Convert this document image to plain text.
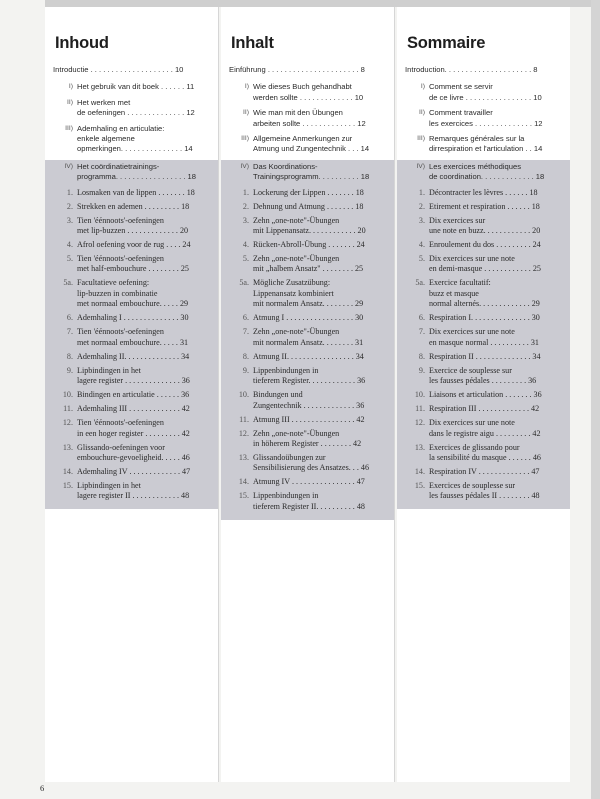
Inhoud
Introductie . . . . . . . . . . . . . . . . . . . . 10
I) Het gebruik van dit boek . . . . . . 11
II) Het werken met
de oefeningen . . . . . . . . . . . . . . 12
III) Ademhaling en articulatie:
enkele algemene
opmerkingen. . . . . . . . . . . . . . . 14
IV) Het coördinatietrainings-
programma. . . . . . . . . . . . . . . . . 18
1. Losmaken van de lippen . . . . . . . 18
2. Strekken en ademen . . . . . . . . . 18
3. Tien 'éénnoots'-oefeningen
met lip-buzzen . . . . . . . . . . . . . 20
4. Afrol oefening voor de rug . . . . 24
5. Tien 'éénnoots'-oefeningen
met half-embouchure . . . . . . . . 25
5a. Facultatieve oefening:
lip-buzzen in combinatie
met normaal embouchure. . . . . 29
6. Ademhaling I . . . . . . . . . . . . . . 30
7. Tien 'éénnoots'-oefeningen
met normaal embouchure. . . . . 31
8. Ademhaling II. . . . . . . . . . . . . . 34
9. Lipbindingen in het
lagere register . . . . . . . . . . . . . . 36
10. Bindingen en articulatie . . . . . . 36
11. Ademhaling III . . . . . . . . . . . . . 42
12. Tien 'éénnoots'-oefeningen
in een hoger register . . . . . . . . . 42
13. Glissando-oefeningen voor
embouchure-gevoeligheid. . . . . 46
14. Ademhaling IV . . . . . . . . . . . . . 47
15. Lipbindingen in het
lagere register II . . . . . . . . . . . . 48
Inhalt
Einführung . . . . . . . . . . . . . . . . . . . . . . 8
I) Wie dieses Buch gehandhabt
werden sollte . . . . . . . . . . . . . 10
II) Wie man mit den Übungen
arbeiten sollte . . . . . . . . . . . . . 12
III) Allgemeine Anmerkungen zur
Atmung und Zungentechnik . . . 14
IV) Das Koordinations-
Trainingsprogramm. . . . . . . . . . 18
1. Lockerung der Lippen . . . . . . . 18
2. Dehnung und Atmung . . . . . . . 18
3. Zehn „one-note"-Übungen
mit Lippenansatz. . . . . . . . . . . . 20
4. Rücken-Abroll-Übung . . . . . . . 24
5. Zehn „one-note"-Übungen
mit „halbem Ansatz" . . . . . . . . 25
5a. Mögliche Zusatzübung:
Lippenansatz kombiniert
mit normalem Ansatz. . . . . . . . 29
6. Atmung I . . . . . . . . . . . . . . . . . 30
7. Zehn „one-note"-Übungen
mit normalem Ansatz. . . . . . . . 31
8. Atmung II. . . . . . . . . . . . . . . . . 34
9. Lippenbindungen in
tieferem Register. . . . . . . . . . . . 36
10. Bindungen und
Zungentechnik . . . . . . . . . . . . . 36
11. Atmung III . . . . . . . . . . . . . . . . 42
12. Zehn „one-note"-Übungen
in höherem Register . . . . . . . . 42
13. Glissandoübungen zur
Sensibilisierung des Ansatzes. . . 46
14. Atmung IV . . . . . . . . . . . . . . . . 47
15. Lippenbindungen in
tieferem Register II. . . . . . . . . . 48
Sommaire
Introduction. . . . . . . . . . . . . . . . . . . . . 8
I) Comment se servir
de ce livre . . . . . . . . . . . . . . . . 10
II) Comment travailler
les exercices . . . . . . . . . . . . . . 12
III) Remarques générales sur la
dirrespiration et l'articulation . . 14
IV) Les exercices méthodiques
de coordination. . . . . . . . . . . . . 18
1. Décontracter les lèvres . . . . . . 18
2. Etirement et respiration . . . . . . 18
3. Dix exercices sur
une note en buzz. . . . . . . . . . . . 20
4. Enroulement du dos . . . . . . . . . 24
5. Dix exercices sur une note
en demi-masque . . . . . . . . . . . . 25
5a. Exercice facultatif:
buzz et masque
normal alternés. . . . . . . . . . . . . 29
6. Respiration I. . . . . . . . . . . . . . . 30
7. Dix exercices sur une note
en masque normal . . . . . . . . . . 31
8. Respiration II . . . . . . . . . . . . . . 34
9. Exercice de souplesse sur
les fausses pédales . . . . . . . . . 36
10. Liaisons et articulation . . . . . . . 36
11. Respiration III . . . . . . . . . . . . . 42
12. Dix exercices sur une note
dans le registre aigu . . . . . . . . . 42
13. Exercices de glissando pour
la sensibilité du masque . . . . . . 46
14. Respiration IV . . . . . . . . . . . . . 47
15. Exercices de souplesse sur
les fausses pédales II . . . . . . . . 48
6
